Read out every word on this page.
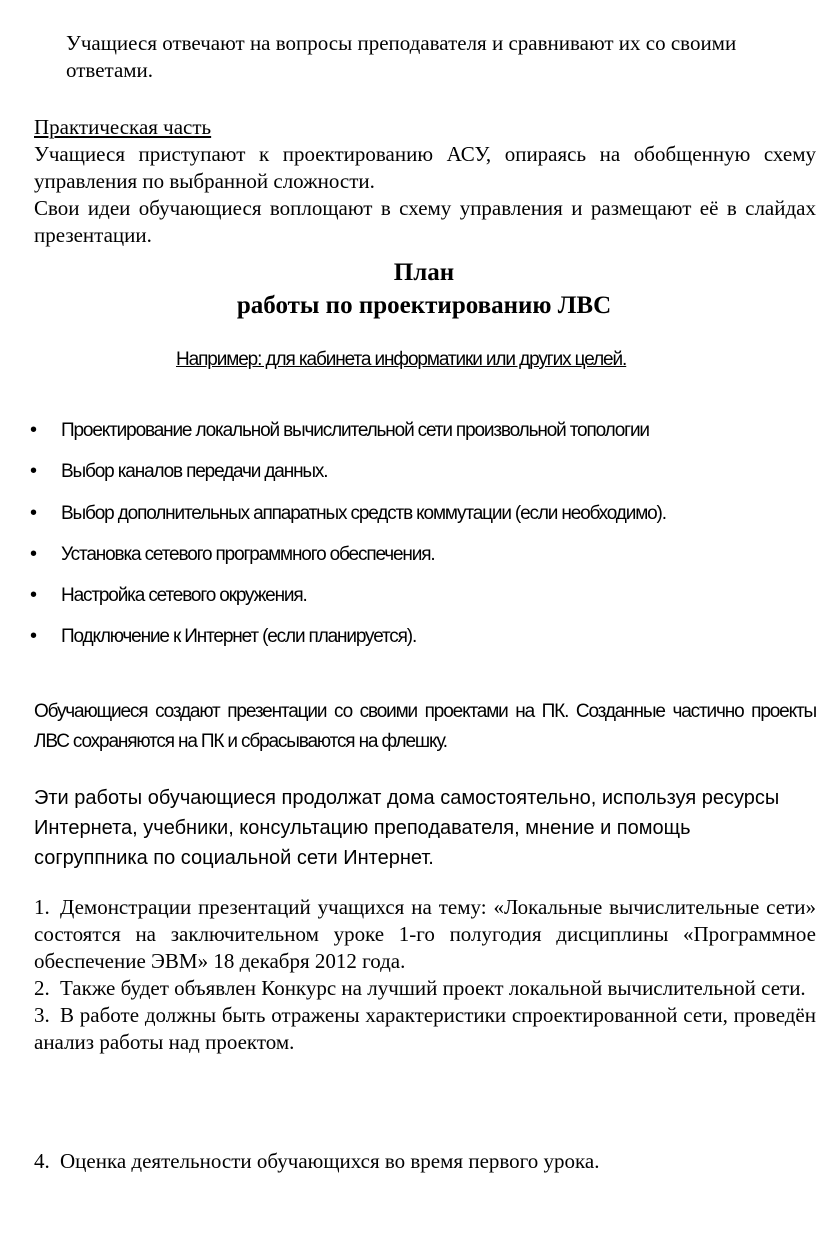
Учащиеся отвечают на вопросы преподавателя и сравнивают их со своими ответами.
Практическая часть

Учащиеся приступают к проектированию АСУ, опираясь на обобщенную схему управления по выбранной сложности.

Свои идеи обучающиеся воплощают в схему управления и размещают её в слайдах презентации.

План
работы по проектированию ЛВС
Например: для кабинета информатики или других целей.
• Проектирование локальной вычислительной сети произвольной топологии
• Выбор каналов передачи данных.
• Выбор дополнительных аппаратных средств коммутации (если необходимо).
• Установка сетевого программного обеспечения.
• Настройка сетевого окружения.
• Подключение к Интернет (если планируется).
Обучающиеся создают презентации со своими проектами на ПК. Созданные частично проекты ЛВС сохраняются на ПК и сбрасываются на флешку.
Эти работы обучающиеся продолжат дома самостоятельно, используя ресурсы Интернета, учебники, консультацию преподавателя, мнение и помощь согруппника по социальной сети Интернет.

1. Демонстрации презентаций учащихся на тему: «Локальные вычислительные сети» состоятся на заключительном уроке 1-го полугодия дисциплины «Программное обеспечение ЭВМ» 18 декабря 2012 года.

2. Также будет объявлен Конкурс на лучший проект локальной вычислительной сети.

3. В работе должны быть отражены характеристики спроектированной сети, проведён анализ работы над проектом.

4. Оценка деятельности обучающихся во время первого урока.
